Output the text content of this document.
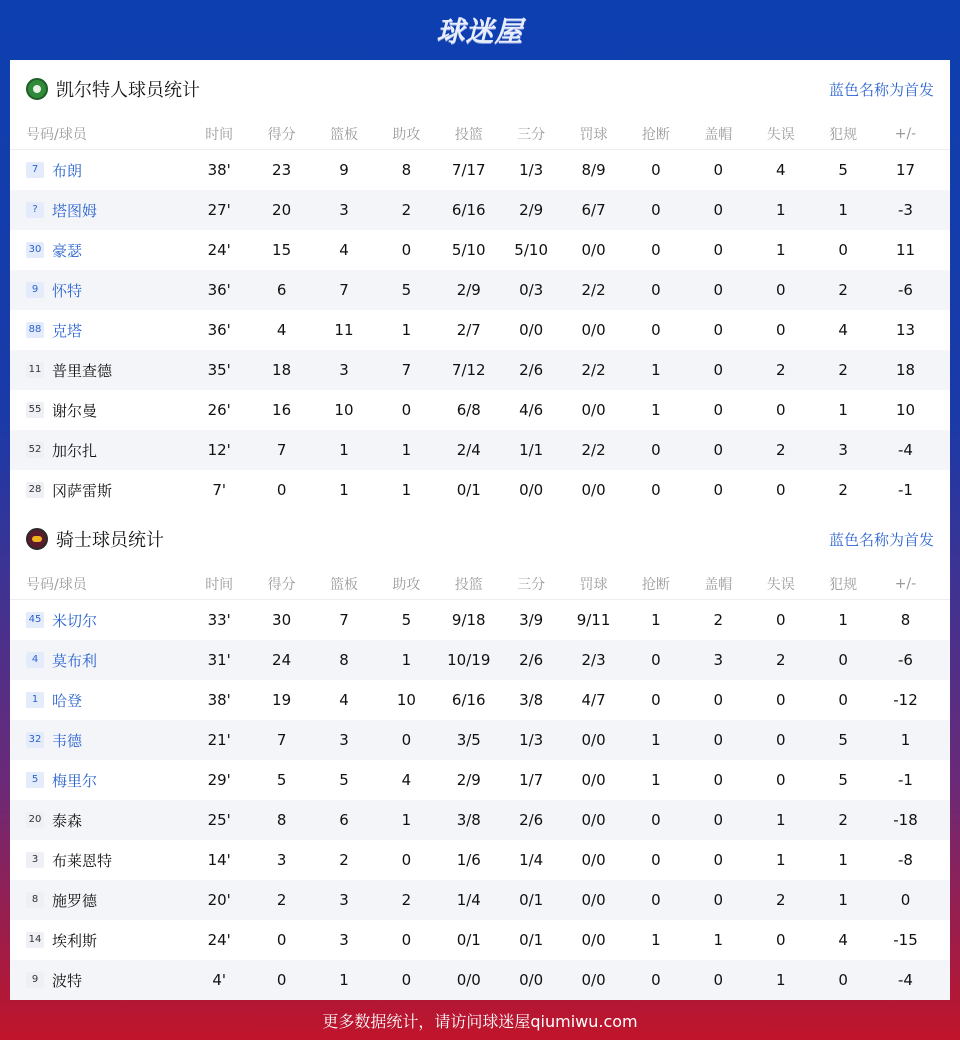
球迷屋
凯尔特人球员统计	蓝色名称为首发
号码/球员	时间	得分	篮板	助攻	投篮	三分	罚球	抢断	盖帽	失误	犯规	+/-
7 布朗	38'	23	9	8	7/17	1/3	8/9	0	0	4	5	17
? 塔图姆	27'	20	3	2	6/16	2/9	6/7	0	0	1	1	-3
30 豪瑟	24'	15	4	0	5/10	5/10	0/0	0	0	1	0	11
9 怀特	36'	6	7	5	2/9	0/3	2/2	0	0	0	2	-6
88 克塔	36'	4	11	1	2/7	0/0	0/0	0	0	0	4	13
11 普里查德	35'	18	3	7	7/12	2/6	2/2	1	0	2	2	18
55 谢尔曼	26'	16	10	0	6/8	4/6	0/0	1	0	0	1	10
52 加尔扎	12'	7	1	1	2/4	1/1	2/2	0	0	2	3	-4
28 冈萨雷斯	7'	0	1	1	0/1	0/0	0/0	0	0	0	2	-1
骑士球员统计	蓝色名称为首发
号码/球员	时间	得分	篮板	助攻	投篮	三分	罚球	抢断	盖帽	失误	犯规	+/-
45 米切尔	33'	30	7	5	9/18	3/9	9/11	1	2	0	1	8
4 莫布利	31'	24	8	1	10/19	2/6	2/3	0	3	2	0	-6
1 哈登	38'	19	4	10	6/16	3/8	4/7	0	0	0	0	-12
32 韦德	21'	7	3	0	3/5	1/3	0/0	1	0	0	5	1
5 梅里尔	29'	5	5	4	2/9	1/7	0/0	1	0	0	5	-1
20 泰森	25'	8	6	1	3/8	2/6	0/0	0	0	1	2	-18
3 布莱恩特	14'	3	2	0	1/6	1/4	0/0	0	0	1	1	-8
8 施罗德	20'	2	3	2	1/4	0/1	0/0	0	0	2	1	0
14 埃利斯	24'	0	3	0	0/1	0/1	0/0	1	1	0	4	-15
9 波特	4'	0	1	0	0/0	0/0	0/0	0	0	1	0	-4
更多数据统计，请访问球迷屋qiumiwu.com
